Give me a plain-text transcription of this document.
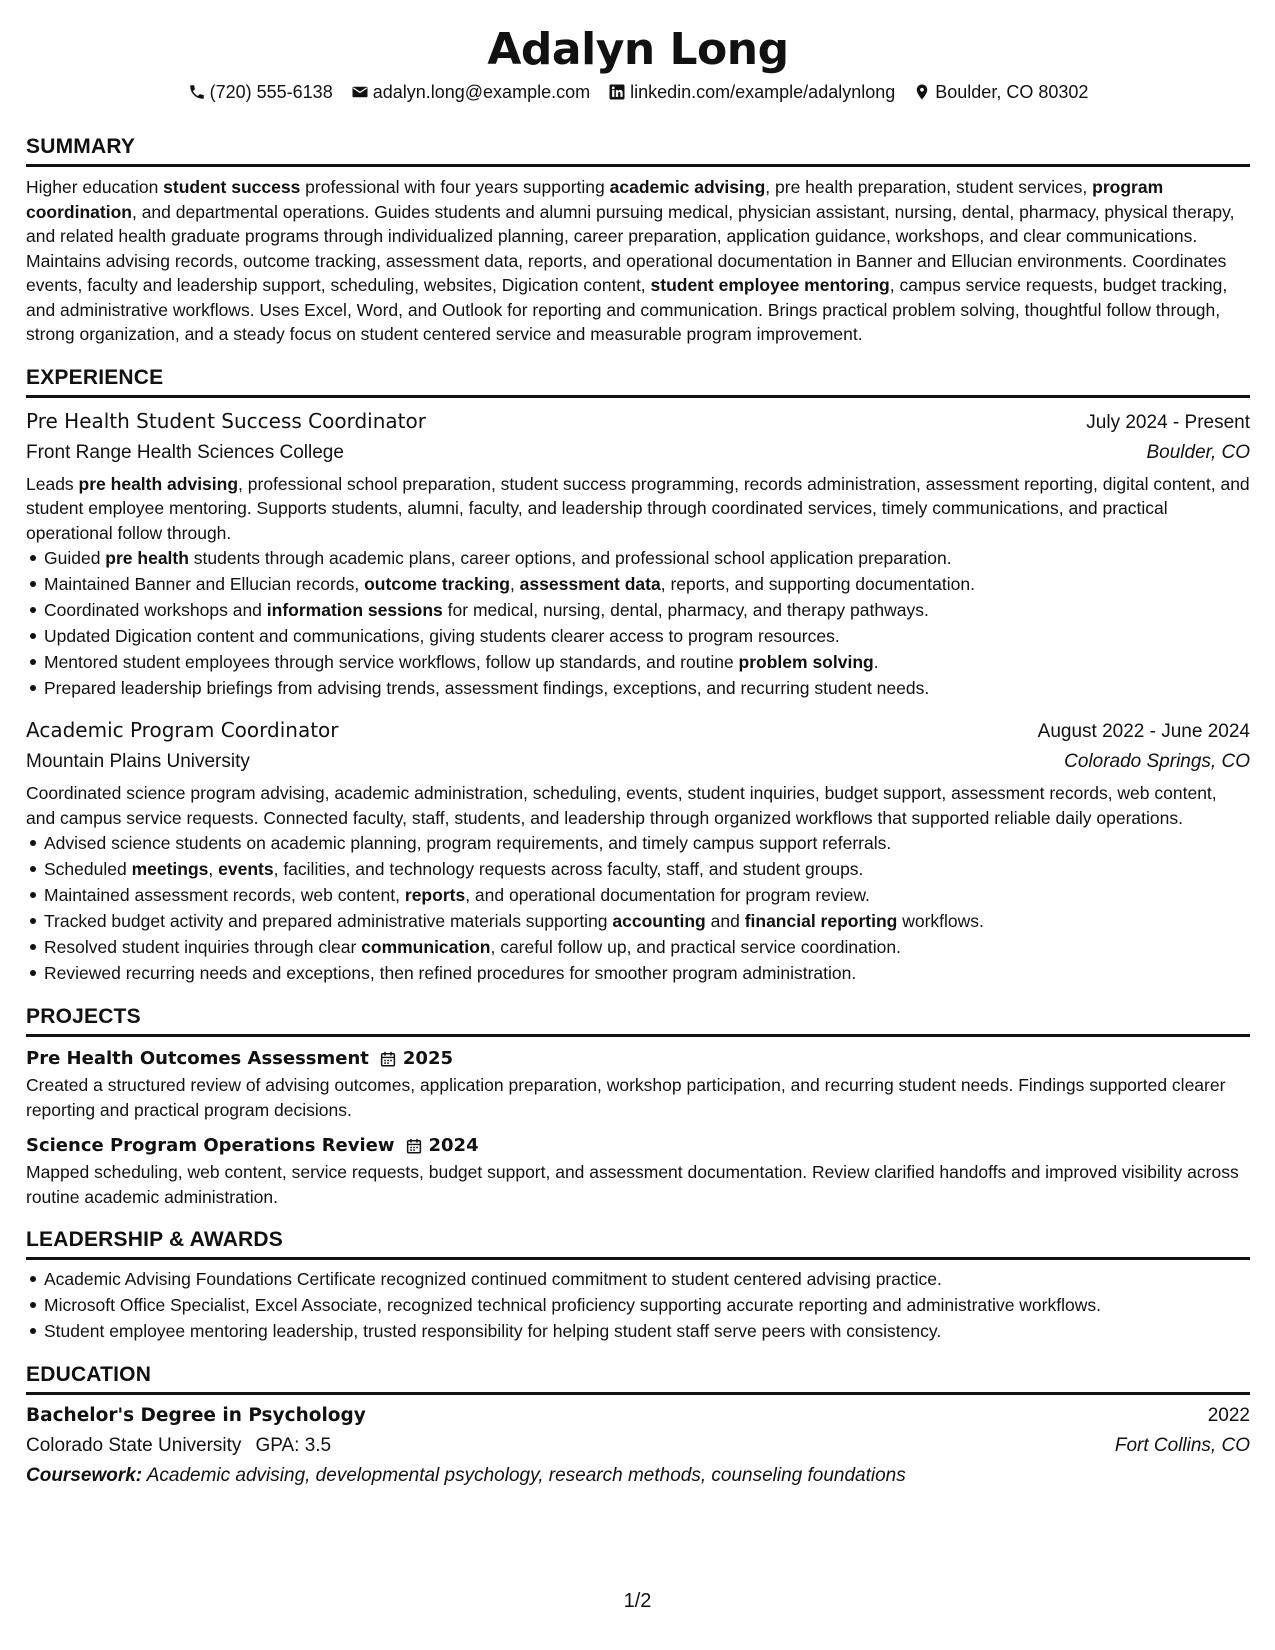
Adalyn Long
(720) 555-6138 adalyn.long@example.com linkedin.com/example/adalynlong Boulder, CO 80302
SUMMARY

Higher education student success professional with four years supporting academic advising, pre health preparation, student services, program coordination, and departmental operations. Guides students and alumni pursuing medical, physician assistant, nursing, dental, pharmacy, physical therapy, and related health graduate programs through individualized planning, career preparation, application guidance, workshops, and clear communications. Maintains advising records, outcome tracking, assessment data, reports, and operational documentation in Banner and Ellucian environments. Coordinates events, faculty and leadership support, scheduling, websites, Digication content, student employee mentoring, campus service requests, budget tracking, and administrative workflows. Uses Excel, Word, and Outlook for reporting and communication. Brings practical problem solving, thoughtful follow through, strong organization, and a steady focus on student centered service and measurable program improvement.

EXPERIENCE
Pre Health Student Success Coordinator	July 2024 - Present
Front Range Health Sciences College	Boulder, CO

Leads pre health advising, professional school preparation, student success programming, records administration, assessment reporting, digital content, and student employee mentoring. Supports students, alumni, faculty, and leadership through coordinated services, timely communications, and practical operational follow through.

Guided pre health students through academic plans, career options, and professional school application preparation.
Maintained Banner and Ellucian records, outcome tracking, assessment data, reports, and supporting documentation.
Coordinated workshops and information sessions for medical, nursing, dental, pharmacy, and therapy pathways.
Updated Digication content and communications, giving students clearer access to program resources.
Mentored student employees through service workflows, follow up standards, and routine problem solving.
Prepared leadership briefings from advising trends, assessment findings, exceptions, and recurring student needs.
Academic Program Coordinator	August 2022 - June 2024
Mountain Plains University	Colorado Springs, CO

Coordinated science program advising, academic administration, scheduling, events, student inquiries, budget support, assessment records, web content, and campus service requests. Connected faculty, staff, students, and leadership through organized workflows that supported reliable daily operations.

Advised science students on academic planning, program requirements, and timely campus support referrals.
Scheduled meetings, events, facilities, and technology requests across faculty, staff, and student groups.
Maintained assessment records, web content, reports, and operational documentation for program review.
Tracked budget activity and prepared administrative materials supporting accounting and financial reporting workflows.
Resolved student inquiries through clear communication, careful follow up, and practical service coordination.
Reviewed recurring needs and exceptions, then refined procedures for smoother program administration.
PROJECTS
Pre Health Outcomes Assessment 2025

Created a structured review of advising outcomes, application preparation, workshop participation, and recurring student needs. Findings supported clearer reporting and practical program decisions.

Science Program Operations Review 2024

Mapped scheduling, web content, service requests, budget support, and assessment documentation. Review clarified handoffs and improved visibility across routine academic administration.

LEADERSHIP & AWARDS
Academic Advising Foundations Certificate recognized continued commitment to student centered advising practice.
Microsoft Office Specialist, Excel Associate, recognized technical proficiency supporting accurate reporting and administrative workflows.
Student employee mentoring leadership, trusted responsibility for helping student staff serve peers with consistency.
EDUCATION
Bachelor's Degree in Psychology	2022
Colorado State University GPA: 3.5	Fort Collins, CO
Coursework: Academic advising, developmental psychology, research methods, counseling foundations
1/2
